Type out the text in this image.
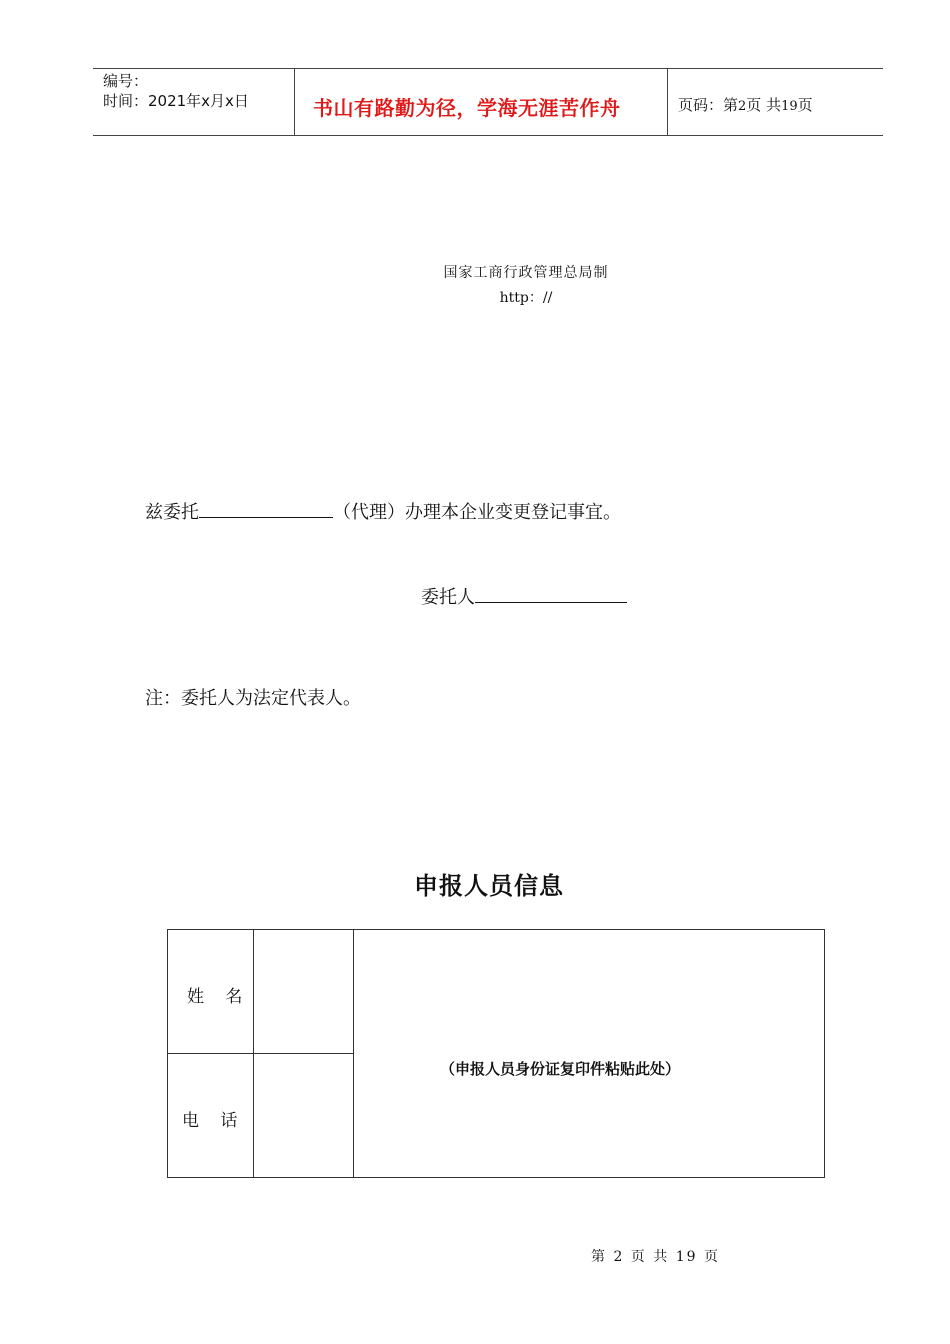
编号：
时间：2021年x月x日	书山有路勤为径，学海无涯苦作舟	页码：第2页 共19页
国家工商行政管理总局制
http：//
兹委托	（代理）办理本企业变更登记事宜。
委托人
注：委托人为法定代表人。
申报人员信息
姓 名
电 话
（申报人员身份证复印件粘贴此处）
第 2 页 共 19 页
